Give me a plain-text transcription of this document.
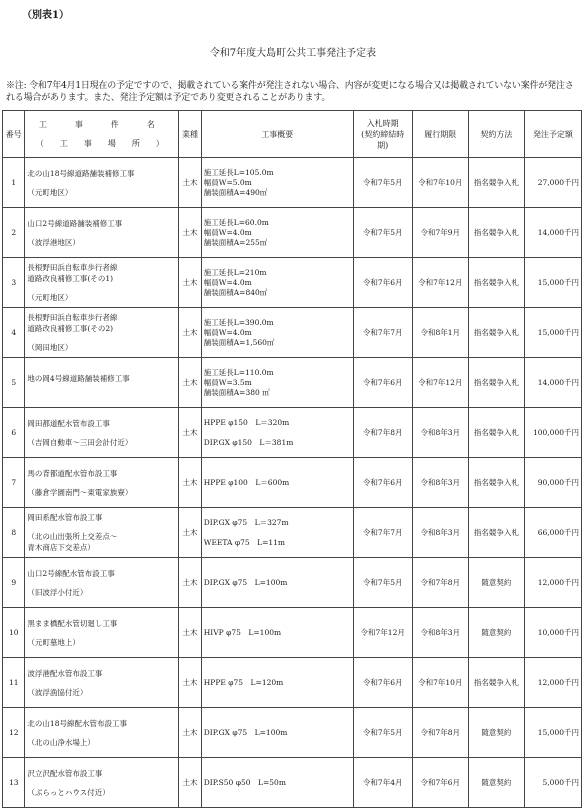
（別表1）
令和7年度大島町公共工事発注予定表
※注: 令和7年4月1日現在の予定ですので、掲載されている案件が発注されない場合、内容が変更になる場合又は掲載されていない案件が発注される場合があります。また、発注予定額は予定であり変更されることがあります。
番号	工　事　件　名
（　工　事　場　所　）	業種	工事概要	入札時期
(契約締結時期)	履行期限	契約方法	発注予定額
1	北の山18号線道路舗装補修工事
（元町地区）	土木	施工延長L=105.0m
幅員W=5.0m
舗装面積A=490㎡	令和7年5月	令和7年10月	指名競争入札	27,000千円
2	山口2号線道路舗装補修工事
（波浮港地区）	土木	施工延長L=60.0m
幅員W=4.0m
舗装面積A=255㎡	令和7年5月	令和7年9月	指名競争入札	14,000千円
3	長根野田浜自転車歩行者線
道路改良補修工事(その1)
（元町地区）	土木	施工延長L=210m
幅員W=4.0m
舗装面積A=840㎡	令和7年6月	令和7年12月	指名競争入札	15,000千円
4	長根野田浜自転車歩行者線
道路改良補修工事(その2)
（岡田地区）	土木	施工延長L=390.0m
幅員W=4.0m
舗装面積A=1,560㎡	令和7年7月	令和8年1月	指名競争入札	15,000千円
5	地の岡4号線道路舗装補修工事	土木	施工延長L=110.0m
幅員W=3.5m
舗装面積A=380 ㎡	令和7年6月	令和7年12月	指名競争入札	14,000千円
6	岡田都道配水管布設工事
（吉岡自動車〜三田会計付近）	土木	HPPE φ150　L＝320m

DIP.GX φ150　L＝381m	令和7年8月	令和8年3月	指名競争入札	100,000千円
7	馬の背都道配水管布設工事
（藤倉学園南門〜東電家族寮）	土木	HPPE φ100　L＝600m	令和7年6月	令和8年3月	指名競争入札	90,000千円
8	岡田系配水管布設工事
（北の山出張所上交差点〜
青木商店下交差点）	土木	DIP.GX φ75　L＝327m

WEETA φ75　L=11m	令和7年7月	令和8年3月	指名競争入札	66,000千円
9	山口2号線配水管布設工事
（旧波浮小付近）	土木	DIP.GX φ75　L=100m	令和7年5月	令和7年8月	随意契約	12,000千円
10	黒まま橋配水管切廻し工事
（元町墓地上）	土木	HIVP φ75　L=100m	令和7年12月	令和8年3月	随意契約	10,000千円
11	波浮港配水管布設工事
（波浮漁協付近）	土木	HPPE φ75　L=120m	令和7年6月	令和7年10月	指名競争入札	12,000千円
12	北の山18号線配水管布設工事
（北の山浄水場上）	土木	DIP.GX φ75　L=100m	令和7年5月	令和7年8月	随意契約	15,000千円
13	沢立沢配水管布設工事
（ぶらっとハウス付近）	土木	DIP.S50 φ50　L=50m	令和7年4月	令和7年6月	随意契約	5,000千円
